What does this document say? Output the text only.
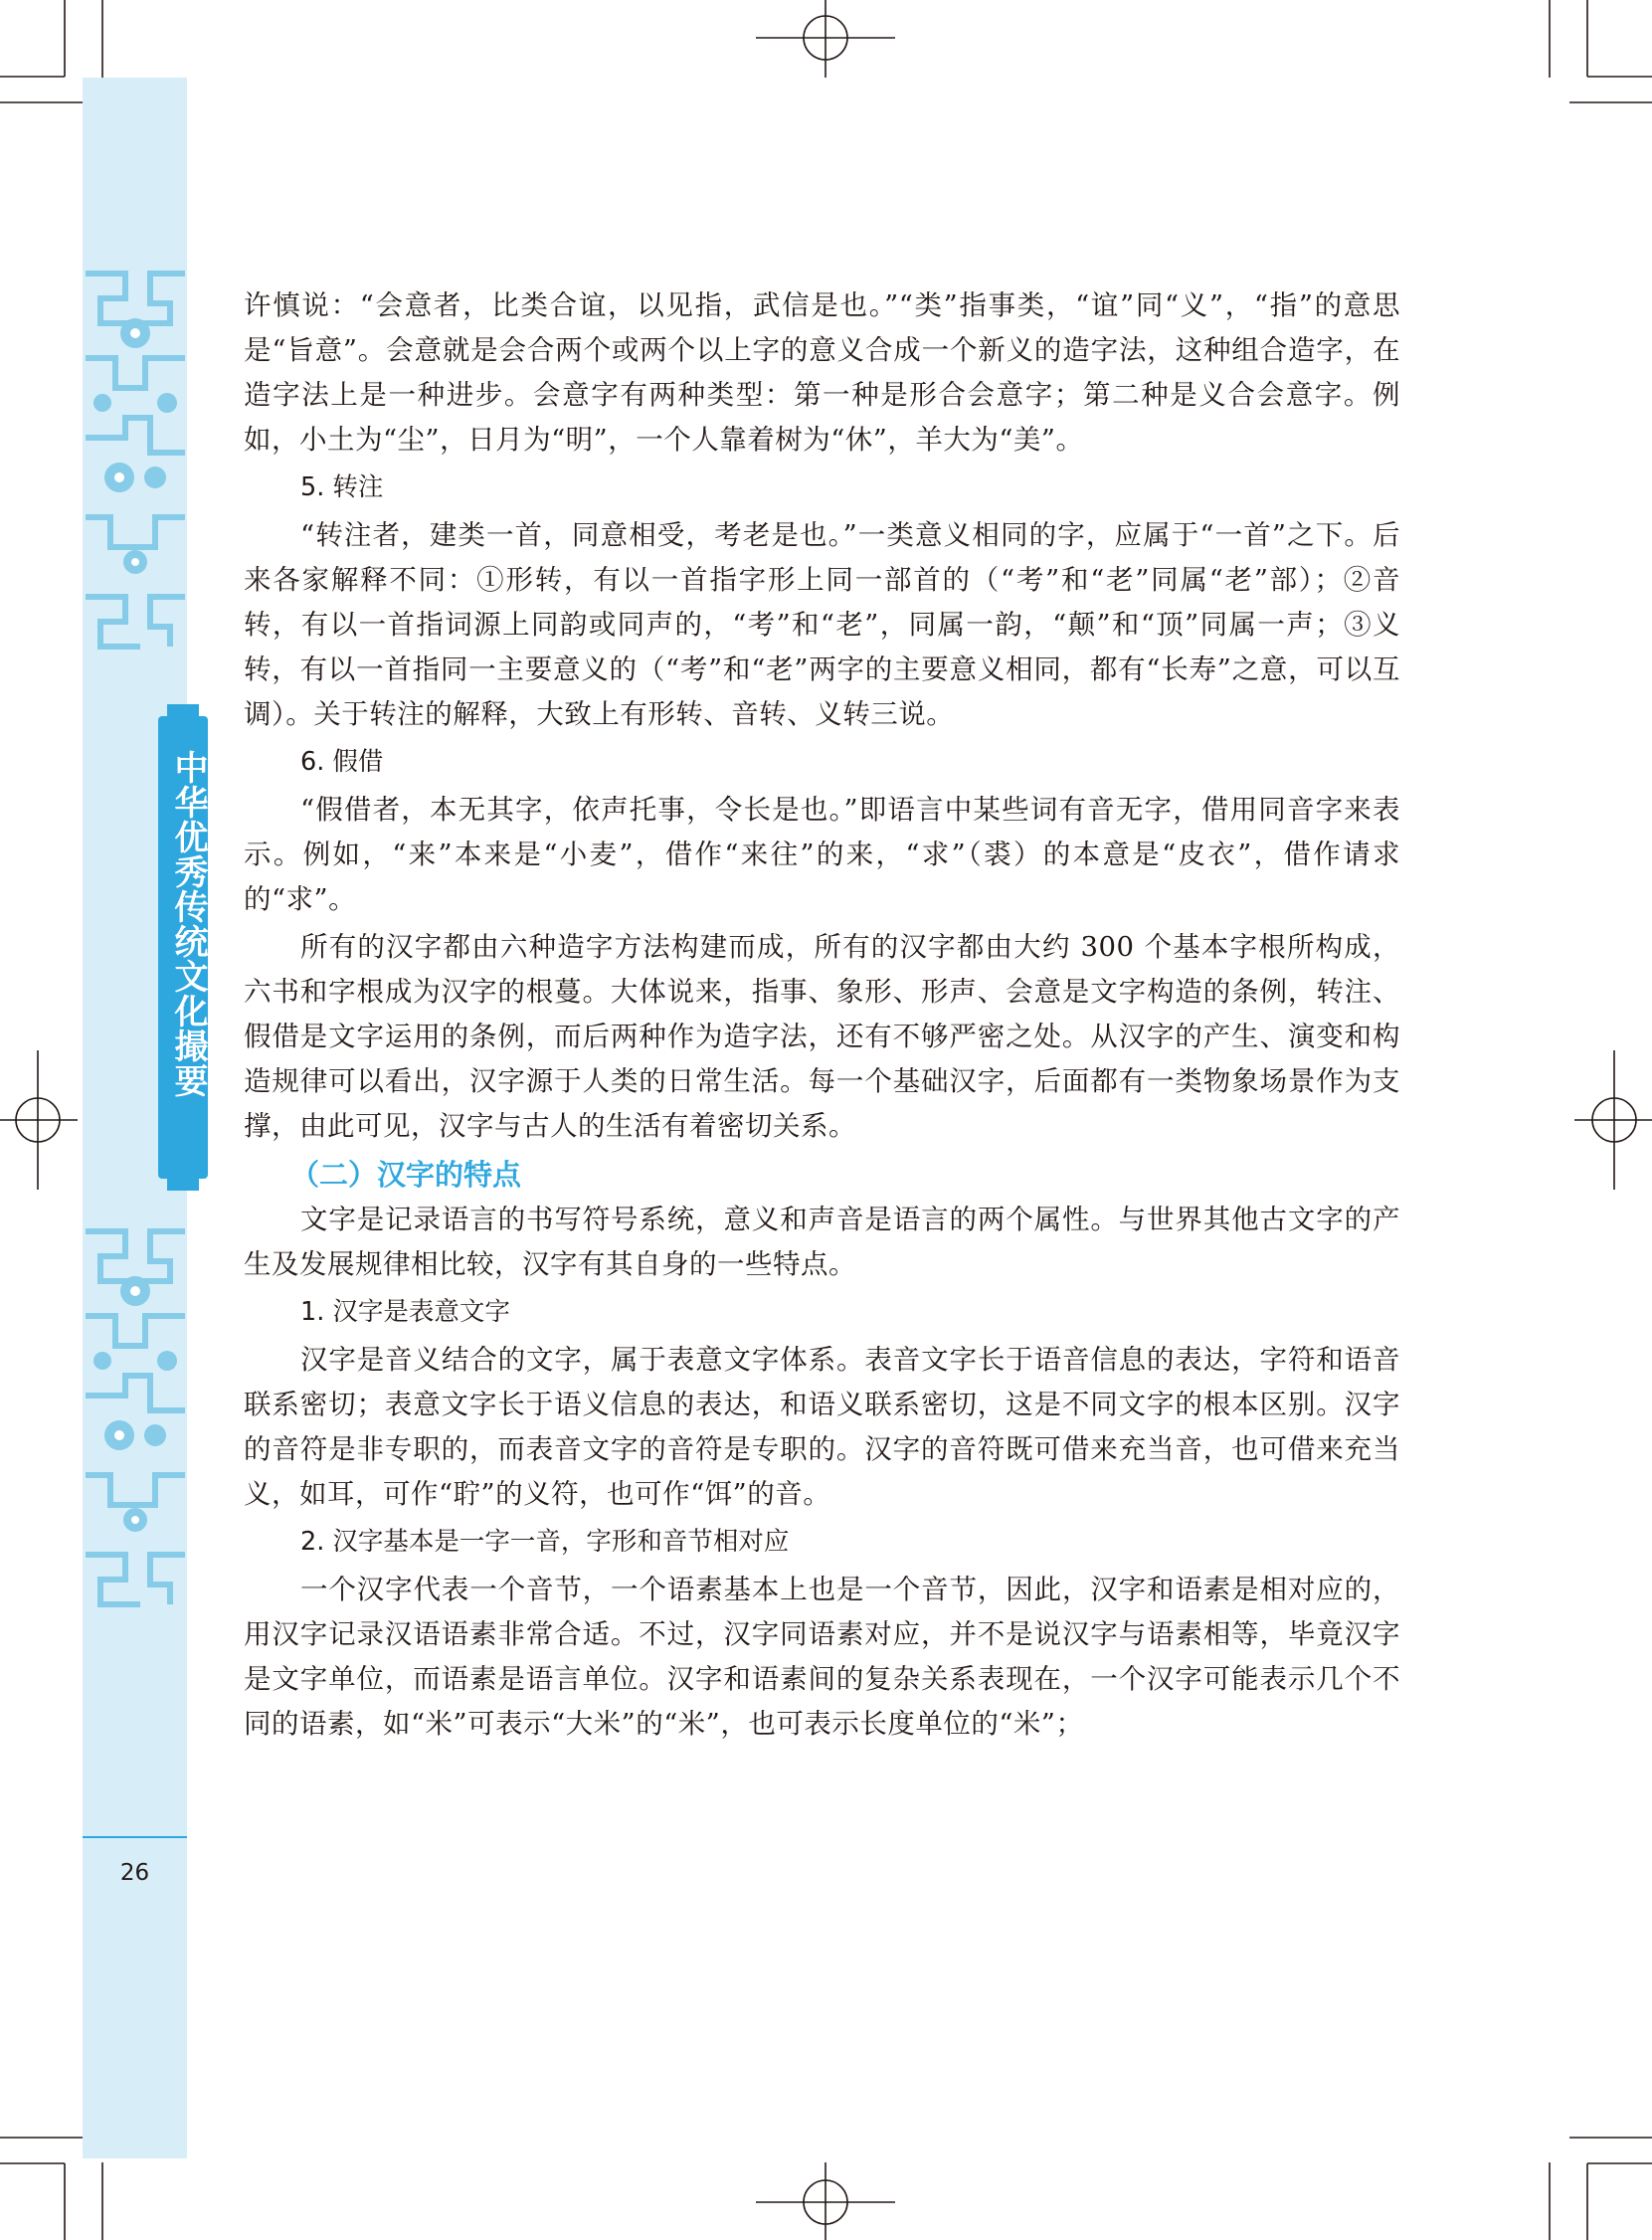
中华优秀传统文化撮要
26

许慎说：“会意者，比类合谊，以见指，武信是也。”“类”指事类，“谊”同“义”，“指”的意思是“旨意”。会意就是会合两个或两个以上字的意义合成一个新义的造字法，这种组合造字，在造字法上是一种进步。会意字有两种类型：第一种是形合会意字；第二种是义合会意字。例如，小土为“尘”，日月为“明”，一个人靠着树为“休”，羊大为“美”。

5. 转注

“转注者，建类一首，同意相受，考老是也。”一类意义相同的字，应属于“一首”之下。后来各家解释不同：①形转，有以一首指字形上同一部首的（“考”和“老”同属“老”部）；②音转，有以一首指词源上同韵或同声的，“考”和“老”，同属一韵，“颠”和“顶”同属一声；③义转，有以一首指同一主要意义的（“考”和“老”两字的主要意义相同，都有“长寿”之意，可以互调）。关于转注的解释，大致上有形转、音转、义转三说。

6. 假借

“假借者，本无其字，依声托事，令长是也。”即语言中某些词有音无字，借用同音字来表示。例如，“来”本来是“小麦”，借作“来往”的来，“求”（裘）的本意是“皮衣”，借作请求的“求”。

所有的汉字都由六种造字方法构建而成，所有的汉字都由大约 300 个基本字根所构成，六书和字根成为汉字的根蔓。大体说来，指事、象形、形声、会意是文字构造的条例，转注、假借是文字运用的条例，而后两种作为造字法，还有不够严密之处。从汉字的产生、演变和构造规律可以看出，汉字源于人类的日常生活。每一个基础汉字，后面都有一类物象场景作为支撑，由此可见，汉字与古人的生活有着密切关系。

（二）汉字的特点

文字是记录语言的书写符号系统，意义和声音是语言的两个属性。与世界其他古文字的产生及发展规律相比较，汉字有其自身的一些特点。

1. 汉字是表意文字

汉字是音义结合的文字，属于表意文字体系。表音文字长于语音信息的表达，字符和语音联系密切；表意文字长于语义信息的表达，和语义联系密切，这是不同文字的根本区别。汉字的音符是非专职的，而表音文字的音符是专职的。汉字的音符既可借来充当音，也可借来充当义，如耳，可作“聍”的义符，也可作“饵”的音。

2. 汉字基本是一字一音，字形和音节相对应

一个汉字代表一个音节，一个语素基本上也是一个音节，因此，汉字和语素是相对应的，用汉字记录汉语语素非常合适。不过，汉字同语素对应，并不是说汉字与语素相等，毕竟汉字是文字单位，而语素是语言单位。汉字和语素间的复杂关系表现在，一个汉字可能表示几个不同的语素，如“米”可表示“大米”的“米”，也可表示长度单位的“米”；
